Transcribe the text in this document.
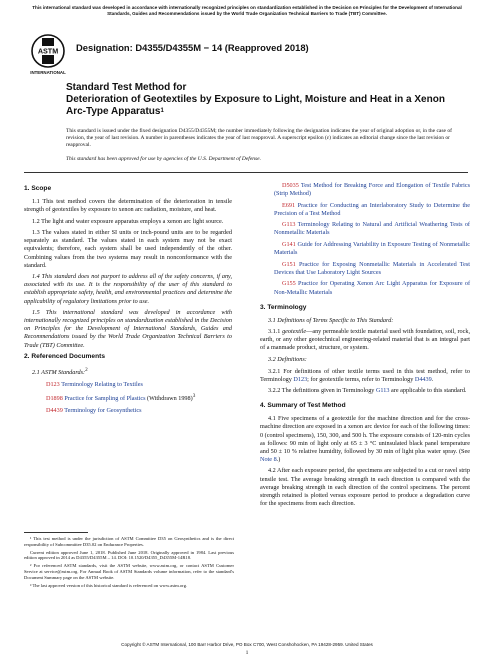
This international standard was developed in accordance with internationally recognized principles on standardization established in the Decision on Principles for the Development of International Standards, Guides and Recommendations issued by the World Trade Organization Technical Barriers to Trade (TBT) Committee.
ASTM
INTERNATIONAL
Designation: D4355/D4355M − 14 (Reapproved 2018)
Standard Test Method for
Deterioration of Geotextiles by Exposure to Light, Moisture and Heat in a Xenon Arc-Type Apparatus$^1$
This standard is issued under the fixed designation D4355/D4355M; the number immediately following the designation indicates the year of original adoption or, in the case of revision, the year of last revision. A number in parentheses indicates the year of last reapproval. A superscript epsilon (ε) indicates an editorial change since the last revision or reapproval.
This standard has been approved for use by agencies of the U.S. Department of Defense.
1. Scope

1.1 This test method covers the determination of the deterioration in tensile strength of geotextiles by exposure to xenon arc radiation, moisture, and heat.

1.2 The light and water exposure apparatus employs a xenon arc light source.

1.3 The values stated in either SI units or inch-pound units are to be regarded separately as standard. The values stated in each system may not be exact equivalents; therefore, each system shall be used independently of the other. Combining values from the two systems may result in nonconformance with the standard.

1.4 This standard does not purport to address all of the safety concerns, if any, associated with its use. It is the responsibility of the user of this standard to establish appropriate safety, health, and environmental practices and determine the applicability of regulatory limitations prior to use.

1.5 This international standard was developed in accordance with internationally recognized principles on standardization established in the Decision on Principles for the Development of International Standards, Guides and Recommendations issued by the World Trade Organization Technical Barriers to Trade (TBT) Committee.

2. Referenced Documents

2.1 ASTM Standards:$^2$

D123 Terminology Relating to Textiles

D1898 Practice for Sampling of Plastics (Withdrawn 1998)$^3$

D4439 Terminology for Geosynthetics

¹ This test method is under the jurisdiction of ASTM Committee D35 on Geosynthetics and is the direct responsibility of Subcommittee D35.02 on Endurance Properties.

Current edition approved June 1, 2018. Published June 2018. Originally approved in 1984. Last previous edition approved in 2014 as D4355/D4355M – 14. DOI: 10.1520/D4355_D4355M-14R18.

² For referenced ASTM standards, visit the ASTM website, www.astm.org, or contact ASTM Customer Service at service@astm.org. For Annual Book of ASTM Standards volume information, refer to the standard's Document Summary page on the ASTM website.

³ The last approved version of this historical standard is referenced on www.astm.org.

D5035 Test Method for Breaking Force and Elongation of Textile Fabrics (Strip Method)

E691 Practice for Conducting an Interlaboratory Study to Determine the Precision of a Test Method

G113 Terminology Relating to Natural and Artificial Weathering Tests of Nonmetallic Materials

G141 Guide for Addressing Variability in Exposure Testing of Nonmetallic Materials

G151 Practice for Exposing Nonmetallic Materials in Accelerated Test Devices that Use Laboratory Light Sources

G155 Practice for Operating Xenon Arc Light Apparatus for Exposure of Non-Metallic Materials

3. Terminology

3.1 Definitions of Terms Specific to This Standard:

3.1.1 geotextile—any permeable textile material used with foundation, soil, rock, earth, or any other geotechnical engineering-related material that is an integral part of a manmade product, structure, or system.

3.2 Definitions:

3.2.1 For definitions of other textile terms used in this test method, refer to Terminology D123; for geotextile terms, refer to Terminology D4439.

3.2.2 The definitions given in Terminology G113 are applicable to this standard.

4. Summary of Test Method

4.1 Five specimens of a geotextile for the machine direction and for the cross-machine direction are exposed in a xenon arc device for each of the following times: 0 (control specimens), 150, 300, and 500 h. The exposure consists of 120-min cycles as follows: 90 min of light only at 65 ± 3 °C uninsulated black panel temperature and 50 ± 10 % relative humidity, followed by 30 min of light plus water spray. (See Note 8.)

4.2 After each exposure period, the specimens are subjected to a cut or ravel strip tensile test. The average breaking strength in each direction is compared with the average breaking strength in each direction of the control specimens. The percent strength retained is plotted versus exposure period to produce a degradation curve for the specimens from each direction.

Copyright © ASTM International, 100 Barr Harbor Drive, PO Box C700, West Conshohocken, PA 19428-2959. United States
1
